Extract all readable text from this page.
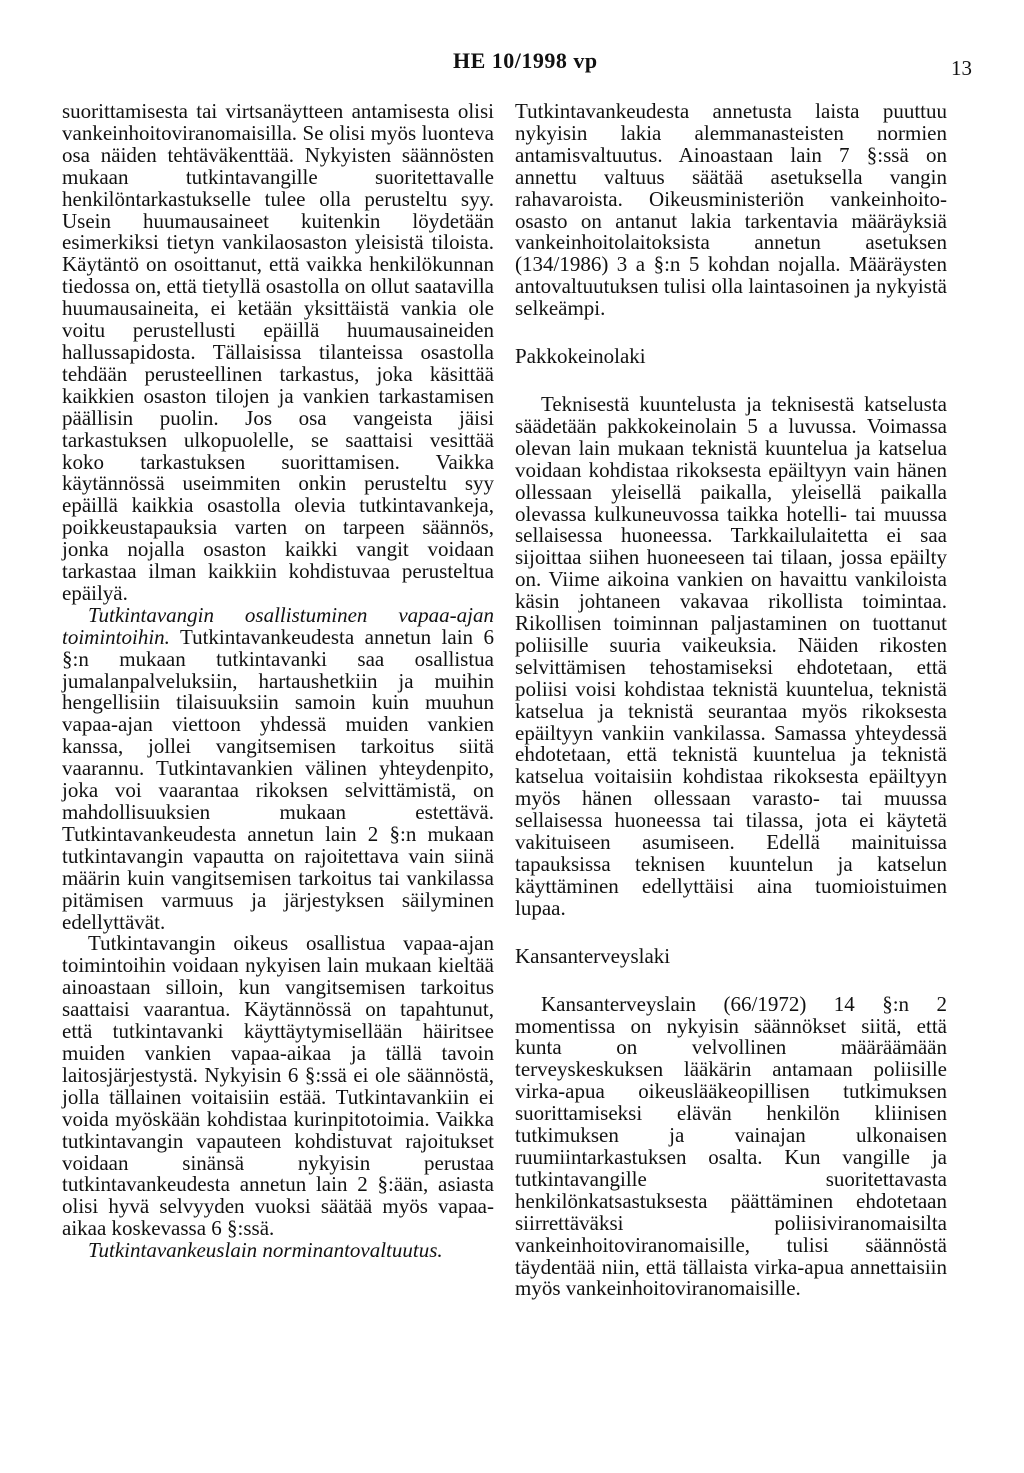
HE 10/1998 vp	13

suorittamisesta tai virtsanäytteen antamisesta olisi vankeinhoitoviranomaisilla. Se olisi myös luonteva osa näiden tehtäväkenttää. Nykyisten säännösten mukaan tutkintavangille suoritettavalle henkilöntarkastukselle tulee olla perusteltu syy. Usein huumausaineet kuitenkin löydetään esimerkiksi tietyn vankilaosaston yleisistä tiloista. Käytäntö on osoittanut, että vaikka henkilökunnan tiedossa on, että tietyllä osastolla on ollut saatavilla huumausaineita, ei ketään yksittäistä vankia ole voitu perustellusti epäillä huumausaineiden hallussapidosta. Tällaisissa tilanteissa osastolla tehdään perusteellinen tarkastus, joka käsittää kaikkien osaston tilojen ja vankien tarkastamisen päällisin puolin. Jos osa vangeista jäisi tarkastuksen ulkopuolelle, se saattaisi vesittää koko tarkastuksen suorittamisen. Vaikka käytännössä useimmiten onkin perusteltu syy epäillä kaikkia osastolla olevia tutkintavankeja, poikkeustapauksia varten on tarpeen säännös, jonka nojalla osaston kaikki vangit voidaan tarkastaa ilman kaikkiin kohdistuvaa perusteltua epäilyä.

Tutkintavangin osallistuminen vapaa-ajan toimintoihin. Tutkintavankeudesta annetun lain 6 §:n mukaan tutkintavanki saa osallistua jumalanpalveluksiin, hartaushetkiin ja muihin hengellisiin tilaisuuksiin samoin kuin muuhun vapaa-ajan viettoon yhdessä muiden vankien kanssa, jollei vangitsemisen tarkoitus siitä vaarannu. Tutkintavankien välinen yhteydenpito, joka voi vaarantaa rikoksen selvittämistä, on mahdollisuuksien mukaan estettävä. Tutkintavankeudesta annetun lain 2 §:n mukaan tutkintavangin vapautta on rajoitettava vain siinä määrin kuin vangitsemisen tarkoitus tai vankilassa pitämisen varmuus ja järjestyksen säilyminen edellyttävät.

Tutkintavangin oikeus osallistua vapaa-ajan toimintoihin voidaan nykyisen lain mukaan kieltää ainoastaan silloin, kun vangitsemisen tarkoitus saattaisi vaarantua. Käytännössä on tapahtunut, että tutkintavanki käyttäytymisellään häiritsee muiden vankien vapaa-aikaa ja tällä tavoin laitosjärjestystä. Nykyisin 6 §:ssä ei ole säännöstä, jolla tällainen voitaisiin estää. Tutkintavankiin ei voida myöskään kohdistaa kurinpitotoimia. Vaikka tutkintavangin vapauteen kohdistuvat rajoitukset voidaan sinänsä nykyisin perustaa tutkintavankeudesta annetun lain 2 §:ään, asiasta olisi hyvä selvyyden vuoksi säätää myös vapaa-aikaa koskevassa 6 §:ssä.

Tutkintavankeuslain norminantovaltuutus.

Tutkintavankeudesta annetusta laista puuttuu nykyisin lakia alemmanasteisten normien antamisvaltuutus. Ainoastaan lain 7 §:ssä on annettu valtuus säätää asetuksella vangin rahavaroista. Oikeusministeriön vankeinhoito-osasto on antanut lakia tarkentavia määräyksiä vankeinhoitolaitoksista annetun asetuksen (134/1986) 3 a §:n 5 kohdan nojalla. Määräysten antovaltuutuksen tulisi olla laintasoinen ja nykyistä selkeämpi.

Pakkokeinolaki

Teknisestä kuuntelusta ja teknisestä katselusta säädetään pakkokeinolain 5 a luvussa. Voimassa olevan lain mukaan teknistä kuuntelua ja katselua voidaan kohdistaa rikoksesta epäiltyyn vain hänen ollessaan yleisellä paikalla, yleisellä paikalla olevassa kulkuneuvossa taikka hotelli- tai muussa sellaisessa huoneessa. Tarkkailulaitetta ei saa sijoittaa siihen huoneeseen tai tilaan, jossa epäilty on. Viime aikoina vankien on havaittu vankiloista käsin johtaneen vakavaa rikollista toimintaa. Rikollisen toiminnan paljastaminen on tuottanut poliisille suuria vaikeuksia. Näiden rikosten selvittämisen tehostamiseksi ehdotetaan, että poliisi voisi kohdistaa teknistä kuuntelua, teknistä katselua ja teknistä seurantaa myös rikoksesta epäiltyyn vankiin vankilassa. Samassa yhteydessä ehdotetaan, että teknistä kuuntelua ja teknistä katselua voitaisiin kohdistaa rikoksesta epäiltyyn myös hänen ollessaan varasto- tai muussa sellaisessa huoneessa tai tilassa, jota ei käytetä vakituiseen asumiseen. Edellä mainituissa tapauksissa teknisen kuuntelun ja katselun käyttäminen edellyttäisi aina tuomioistuimen lupaa.

Kansanterveyslaki

Kansanterveyslain (66/1972) 14 §:n 2 momentissa on nykyisin säännökset siitä, että kunta on velvollinen määräämään terveyskeskuksen lääkärin antamaan poliisille virka-apua oikeuslääkeopillisen tutkimuksen suorittamiseksi elävän henkilön kliinisen tutkimuksen ja vainajan ulkonaisen ruumiintarkastuksen osalta. Kun vangille ja tutkintavangille suoritettavasta henkilönkatsastuksesta päättäminen ehdotetaan siirrettäväksi poliisiviranomaisilta vankeinhoitoviranomaisille, tulisi säännöstä täydentää niin, että tällaista virka-apua annettaisiin myös vankeinhoitoviranomaisille.
